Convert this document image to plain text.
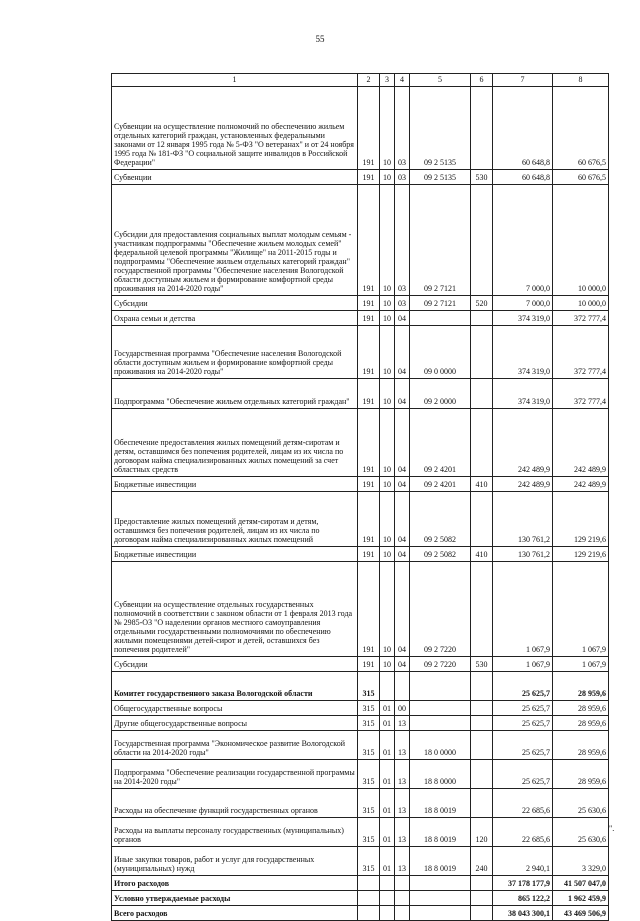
55
1	2	3	4	5	6	7	8
Субвенции на осуществление полномочий по обеспечению жильем отдельных категорий граждан, установленных федеральными законами от 12 января 1995 года № 5-ФЗ "О ветеранах" и от 24 ноября 1995 года № 181-ФЗ "О социальной защите инвалидов в Российской Федерации"	191	10	03	09 2 5135		60 648,8	60 676,5
Субвенции	191	10	03	09 2 5135	530	60 648,8	60 676,5
Субсидии для предоставления социальных выплат молодым семьям - участникам подпрограммы "Обеспечение жильем молодых семей" федеральной целевой программы "Жилище" на 2011-2015 годы и подпрограммы "Обеспечение жильем отдельных категорий граждан" государственной программы "Обеспечение населения Вологодской области доступным жильем и формирование комфортной среды проживания на 2014-2020 годы"	191	10	03	09 2 7121		7 000,0	10 000,0
Субсидии	191	10	03	09 2 7121	520	7 000,0	10 000,0
Охрана семьи и детства	191	10	04			374 319,0	372 777,4
Государственная программа "Обеспечение населения Вологодской области доступным жильем и формирование комфортной среды проживания на 2014-2020 годы"	191	10	04	09 0 0000		374 319,0	372 777,4
Подпрограмма "Обеспечение жильем отдельных категорий граждан"	191	10	04	09 2 0000		374 319,0	372 777,4
Обеспечение предоставления жилых помещений детям-сиротам и детям, оставшимся без попечения родителей, лицам из их числа по договорам найма специализированных жилых помещений за счет областных средств	191	10	04	09 2 4201		242 489,9	242 489,9
Бюджетные инвестиции	191	10	04	09 2 4201	410	242 489,9	242 489,9
Предоставление жилых помещений детям-сиротам и детям, оставшимся без попечения родителей, лицам из их числа по договорам найма специализированных жилых помещений	191	10	04	09 2 5082		130 761,2	129 219,6
Бюджетные инвестиции	191	10	04	09 2 5082	410	130 761,2	129 219,6
Субвенции на осуществление отдельных государственных полномочий в соответствии с законом области от 1 февраля 2013 года № 2985-ОЗ "О наделении органов местного самоуправления отдельными государственными полномочиями по обеспечению жилыми помещениями детей-сирот и детей, оставшихся без попечения родителей"	191	10	04	09 2 7220		1 067,9	1 067,9
Субсидии	191	10	04	09 2 7220	530	1 067,9	1 067,9
Комитет государственного заказа Вологодской области	315					25 625,7	28 959,6
Общегосударственные вопросы	315	01	00			25 625,7	28 959,6
Другие общегосударственные вопросы	315	01	13			25 625,7	28 959,6
Государственная программа "Экономическое развитие Вологодской области на 2014-2020 годы"	315	01	13	18 0 0000		25 625,7	28 959,6
Подпрограмма "Обеспечение реализации государственной программы на 2014-2020 годы"	315	01	13	18 8 0000		25 625,7	28 959,6
Расходы на обеспечение функций государственных органов	315	01	13	18 8 0019		22 685,6	25 630,6
Расходы на выплаты персоналу государственных (муниципальных) органов	315	01	13	18 8 0019	120	22 685,6	25 630,6
Иные закупки товаров, работ и услуг для государственных (муниципальных) нужд	315	01	13	18 8 0019	240	2 940,1	3 329,0
Итого расходов						37 178 177,9	41 507 047,0
Условно утверждаемые расходы						865 122,2	1 962 459,9
Всего расходов						38 043 300,1	43 469 506,9
".
